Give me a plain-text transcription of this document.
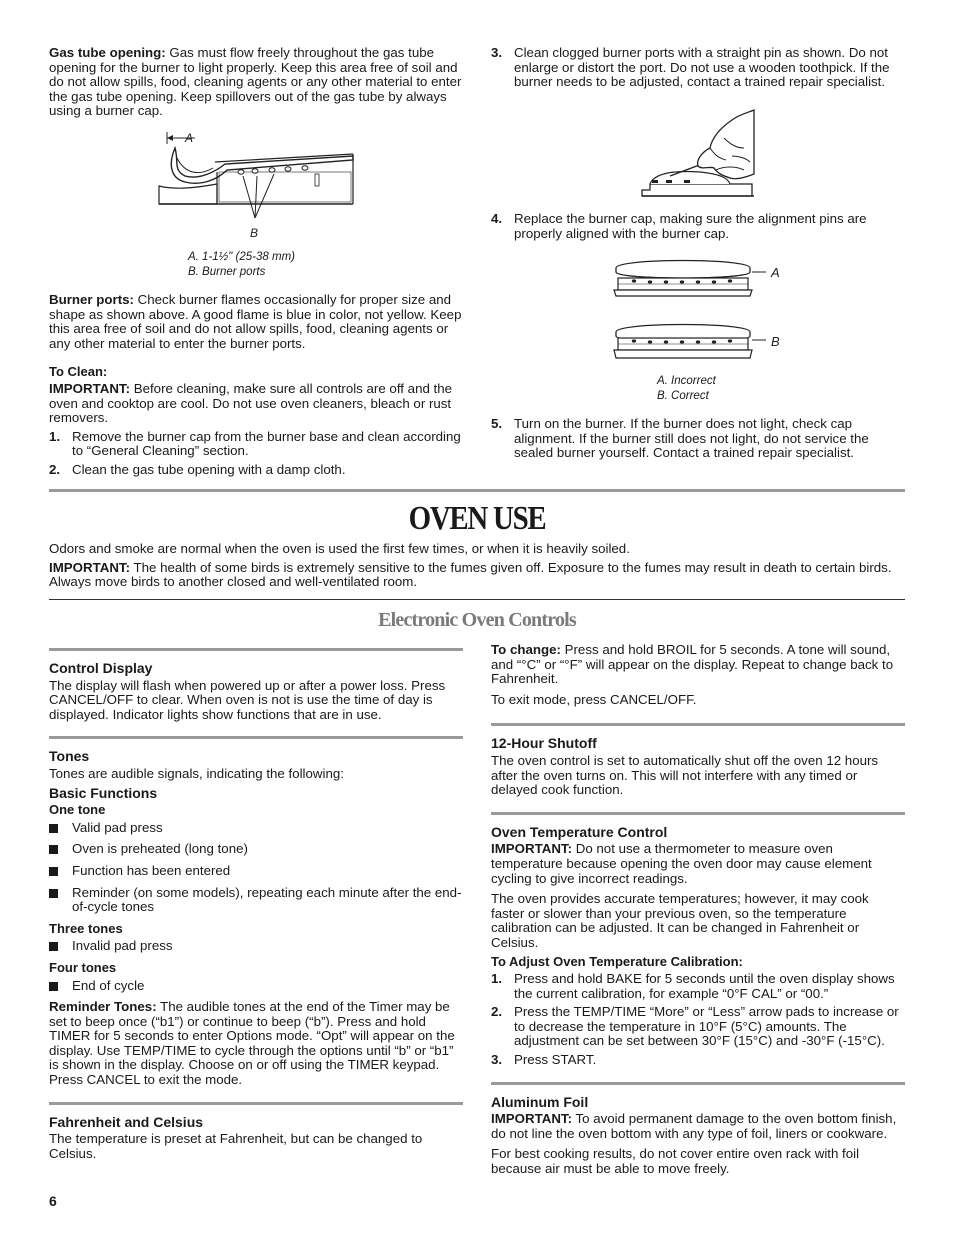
Gas tube opening: Gas must flow freely throughout the gas tube opening for the burner to light properly. Keep this area free of soil and do not allow spills, food, cleaning agents or any other material to enter the gas tube opening. Keep spillovers out of the gas tube by always using a burner cap.

A
B
A. 1-1½" (25-38 mm)
B. Burner ports

Burner ports: Check burner flames occasionally for proper size and shape as shown above. A good flame is blue in color, not yellow. Keep this area free of soil and do not allow spills, food, cleaning agents or any other material to enter the burner ports.

To Clean:

IMPORTANT: Before cleaning, make sure all controls are off and the oven and cooktop are cool. Do not use oven cleaners, bleach or rust removers.

1. Remove the burner cap from the burner base and clean according to “General Cleaning” section.
2. Clean the gas tube opening with a damp cloth.
3. Clean clogged burner ports with a straight pin as shown. Do not enlarge or distort the port. Do not use a wooden toothpick. If the burner needs to be adjusted, contact a trained repair specialist.
4. Replace the burner cap, making sure the alignment pins are properly aligned with the burner cap.
A
B
A. Incorrect
B. Correct
5. Turn on the burner. If the burner does not light, check cap alignment. If the burner still does not light, do not service the sealed burner yourself. Contact a trained repair specialist.
OVEN USE

Odors and smoke are normal when the oven is used the first few times, or when it is heavily soiled.

IMPORTANT: The health of some birds is extremely sensitive to the fumes given off. Exposure to the fumes may result in death to certain birds. Always move birds to another closed and well-ventilated room.

Electronic Oven Controls
Control Display

The display will flash when powered up or after a power loss. Press CANCEL/OFF to clear. When oven is not is use the time of day is displayed. Indicator lights show functions that are in use.

Tones

Tones are audible signals, indicating the following:

Basic Functions
One tone
Valid pad press
Oven is preheated (long tone)
Function has been entered
Reminder (on some models), repeating each minute after the end-of-cycle tones
Three tones
Invalid pad press
Four tones
End of cycle

Reminder Tones: The audible tones at the end of the Timer may be set to beep once (“b1”) or continue to beep (“b”). Press and hold TIMER for 5 seconds to enter Options mode. “Opt” will appear on the display. Use TEMP/TIME to cycle through the options until “b” or “b1” is shown in the display. Choose on or off using the TIMER keypad. Press CANCEL to exit the mode.

Fahrenheit and Celsius

The temperature is preset at Fahrenheit, but can be changed to Celsius.

To change: Press and hold BROIL for 5 seconds. A tone will sound, and “°C” or “°F” will appear on the display. Repeat to change back to Fahrenheit.

To exit mode, press CANCEL/OFF.

12-Hour Shutoff

The oven control is set to automatically shut off the oven 12 hours after the oven turns on. This will not interfere with any timed or delayed cook function.

Oven Temperature Control

IMPORTANT: Do not use a thermometer to measure oven temperature because opening the oven door may cause element cycling to give incorrect readings.

The oven provides accurate temperatures; however, it may cook faster or slower than your previous oven, so the temperature calibration can be adjusted. It can be changed in Fahrenheit or Celsius.

To Adjust Oven Temperature Calibration:
1. Press and hold BAKE for 5 seconds until the oven display shows the current calibration, for example “0°F CAL” or “00.”
2. Press the TEMP/TIME “More” or “Less” arrow pads to increase or to decrease the temperature in 10°F (5°C) amounts. The adjustment can be set between 30°F (15°C) and -30°F (-15°C).
3. Press START.
Aluminum Foil

IMPORTANT: To avoid permanent damage to the oven bottom finish, do not line the oven bottom with any type of foil, liners or cookware.

For best cooking results, do not cover entire oven rack with foil because air must be able to move freely.

6
